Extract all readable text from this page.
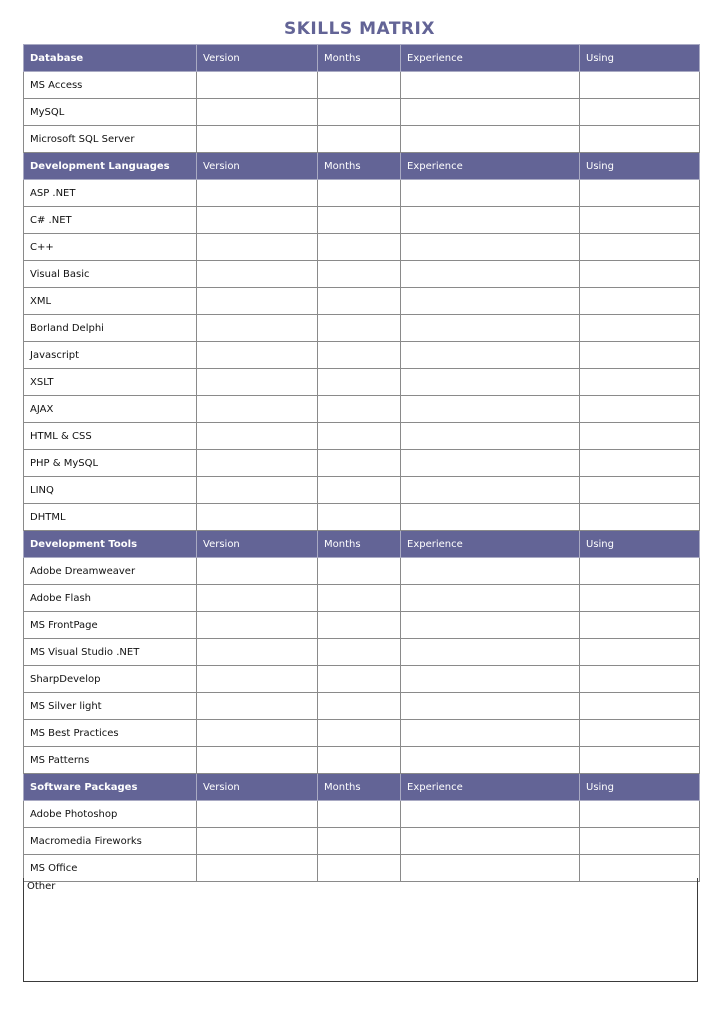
SKILLS MATRIX
Database	Version	Months	Experience	Using
MS Access				
MySQL				
Microsoft SQL Server				
Development Languages	Version	Months	Experience	Using
ASP .NET				
C# .NET				
C++				
Visual Basic				
XML				
Borland Delphi				
Javascript				
XSLT				
AJAX				
HTML & CSS				
PHP & MySQL				
LINQ				
DHTML				
Development Tools	Version	Months	Experience	Using
Adobe Dreamweaver				
Adobe Flash				
MS FrontPage				
MS Visual Studio .NET				
SharpDevelop				
MS Silver light				
MS Best Practices				
MS Patterns				
Software Packages	Version	Months	Experience	Using
Adobe Photoshop				
Macromedia Fireworks				
MS Office				
Other
